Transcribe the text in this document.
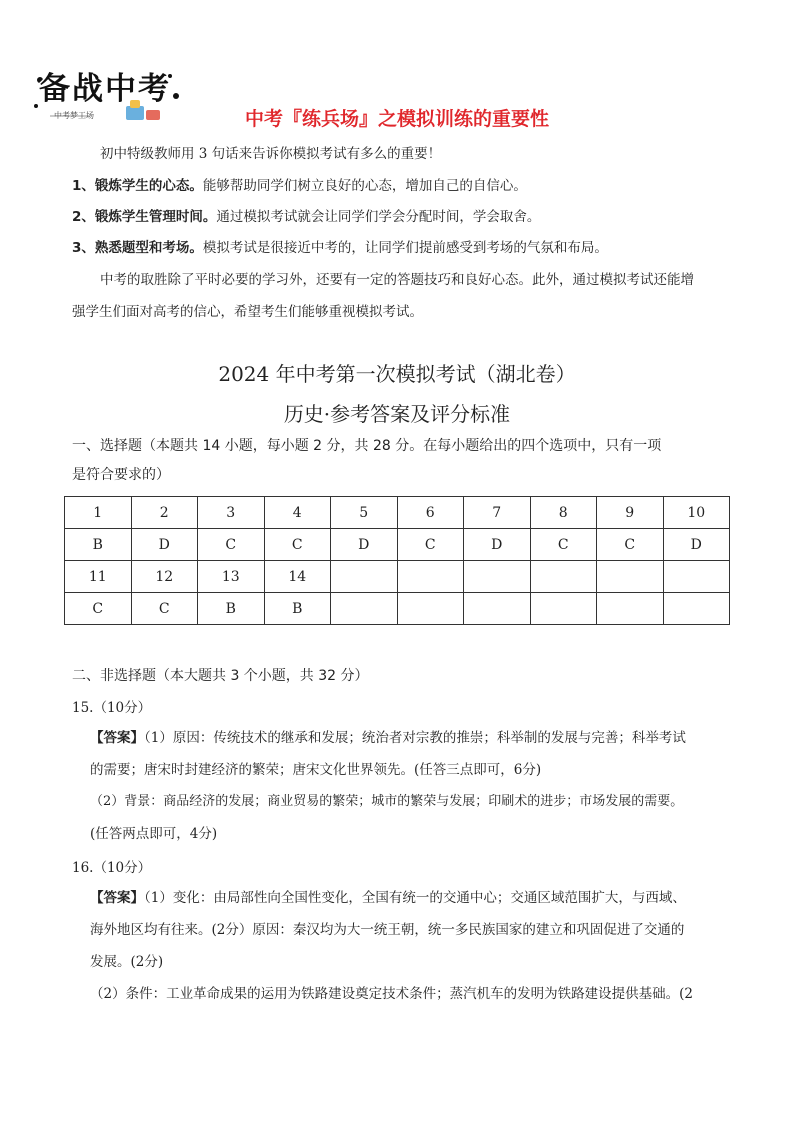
备战中考
中考梦工场	中考『练兵场』之模拟训练的重要性
初中特级教师用 3 句话来告诉你模拟考试有多么的重要！
1、锻炼学生的心态。能够帮助同学们树立良好的心态，增加自己的自信心。
2、锻炼学生管理时间。通过模拟考试就会让同学们学会分配时间，学会取舍。
3、熟悉题型和考场。模拟考试是很接近中考的，让同学们提前感受到考场的气氛和布局。
中考的取胜除了平时必要的学习外，还要有一定的答题技巧和良好心态。此外，通过模拟考试还能增
强学生们面对高考的信心，希望考生们能够重视模拟考试。
2024 年中考第一次模拟考试（湖北卷）
历史·参考答案及评分标准
一、选择题（本题共 14 小题，每小题 2 分，共 28 分。在每小题给出的四个选项中，只有一项
是符合要求的）
1	2	3	4	5	6	7	8	9	10
B	D	C	C	D	C	D	C	C	D
11	12	13	14						
C	C	B	B						
二、非选择题（本大题共 3 个小题，共 32 分）
15.（10分）
【答案】（1）原因：传统技术的继承和发展；统治者对宗教的推崇；科举制的发展与完善；科举考试
的需要；唐宋时封建经济的繁荣；唐宋文化世界领先。(任答三点即可，6分)
（2）背景：商品经济的发展；商业贸易的繁荣；城市的繁荣与发展；印刷术的进步；市场发展的需要。
(任答两点即可，4分)
16.（10分）
【答案】（1）变化：由局部性向全国性变化，全国有统一的交通中心；交通区域范围扩大，与西域、
海外地区均有往来。(2分）原因：秦汉均为大一统王朝，统一多民族国家的建立和巩固促进了交通的
发展。(2分)
（2）条件：工业革命成果的运用为铁路建设奠定技术条件；蒸汽机车的发明为铁路建设提供基础。(2
